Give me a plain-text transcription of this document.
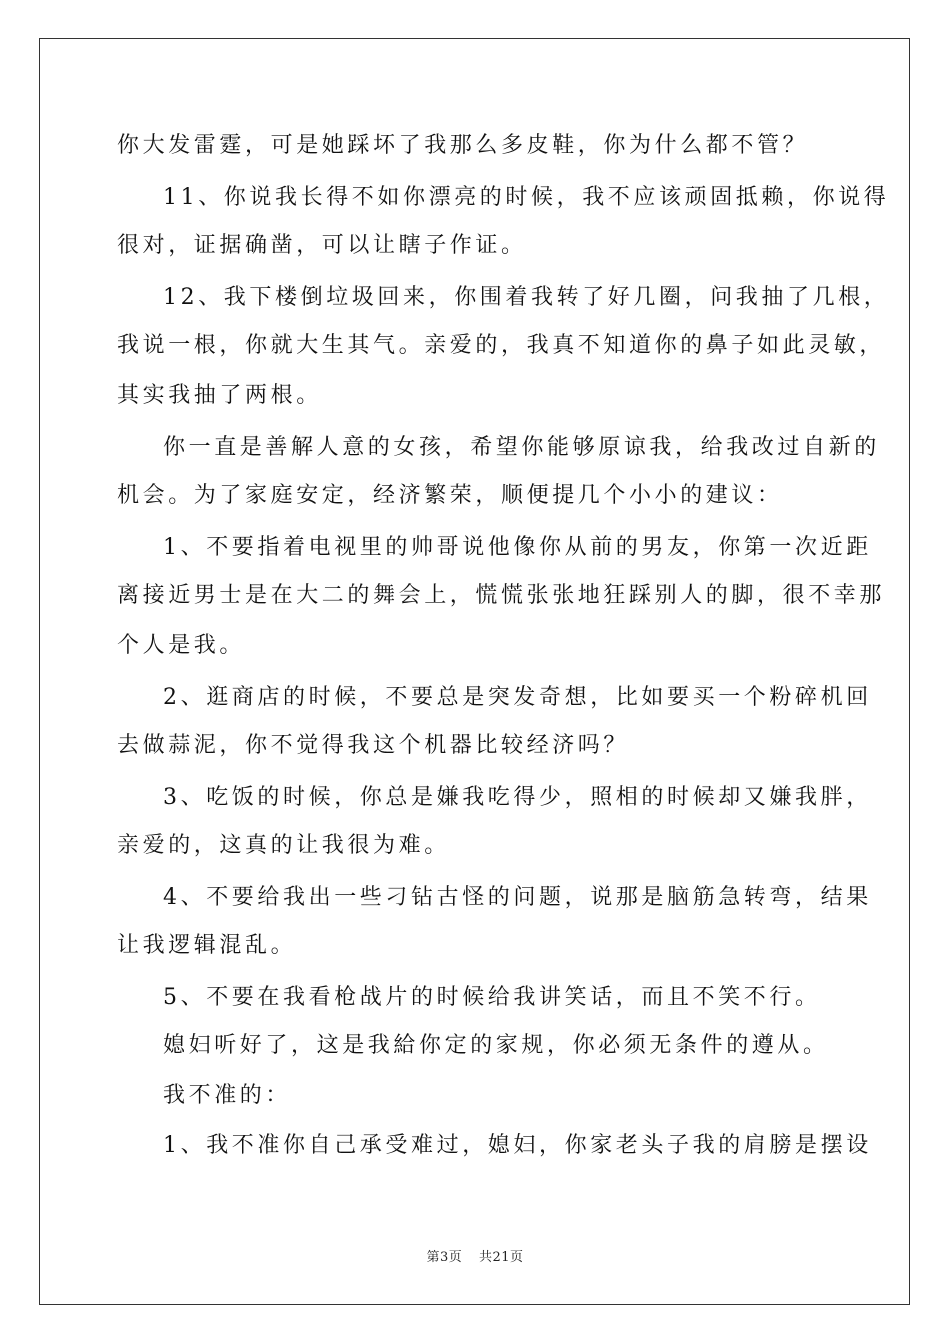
你大发雷霆，可是她踩坏了我那么多皮鞋，你为什么都不管？
11、你说我长得不如你漂亮的时候，我不应该顽固抵赖，你说得
很对，证据确凿，可以让瞎子作证。
12、我下楼倒垃圾回来，你围着我转了好几圈，问我抽了几根，
我说一根，你就大生其气。亲爱的，我真不知道你的鼻子如此灵敏，
其实我抽了两根。
你一直是善解人意的女孩，希望你能够原谅我，给我改过自新的
机会。为了家庭安定，经济繁荣，顺便提几个小小的建议：
1、不要指着电视里的帅哥说他像你从前的男友，你第一次近距
离接近男士是在大二的舞会上，慌慌张张地狂踩别人的脚，很不幸那
个人是我。
2、逛商店的时候，不要总是突发奇想，比如要买一个粉碎机回
去做蒜泥，你不觉得我这个机器比较经济吗？
3、吃饭的时候，你总是嫌我吃得少，照相的时候却又嫌我胖，
亲爱的，这真的让我很为难。
4、不要给我出一些刁钻古怪的问题，说那是脑筋急转弯，结果
让我逻辑混乱。
5、不要在我看枪战片的时候给我讲笑话，而且不笑不行。
媳妇听好了，这是我給你定的家规，你必须无条件的遵从。
我不准的：
1、我不准你自己承受难过，媳妇，你家老头子我的肩膀是摆设
第3页 共21页
